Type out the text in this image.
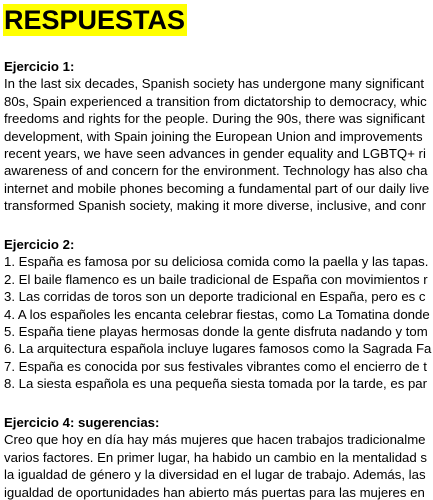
RESPUESTAS

Ejercicio 1:

In the last six decades, Spanish society has undergone many significant

80s, Spain experienced a transition from dictatorship to democracy, whic

freedoms and rights for the people. During the 90s, there was significant

development, with Spain joining the European Union and improvements

recent years, we have seen advances in gender equality and LGBTQ+ ri

awareness of and concern for the environment. Technology has also cha

internet and mobile phones becoming a fundamental part of our daily live

transformed Spanish society, making it more diverse, inclusive, and conr

Ejercicio 2:

1. España es famosa por su deliciosa comida como la paella y las tapas.

2. El baile flamenco es un baile tradicional de España con movimientos r

3. Las corridas de toros son un deporte tradicional en España, pero es c

4. A los españoles les encanta celebrar fiestas, como La Tomatina donde

5. España tiene playas hermosas donde la gente disfruta nadando y tom

6. La arquitectura española incluye lugares famosos como la Sagrada Fa

7. España es conocida por sus festivales vibrantes como el encierro de t

8. La siesta española es una pequeña siesta tomada por la tarde, es par

Ejercicio 4: sugerencias:

Creo que hoy en día hay más mujeres que hacen trabajos tradicionalme

varios factores. En primer lugar, ha habido un cambio en la mentalidad s

la igualdad de género y la diversidad en el lugar de trabajo. Además, las

igualdad de oportunidades han abierto más puertas para las mujeres en
